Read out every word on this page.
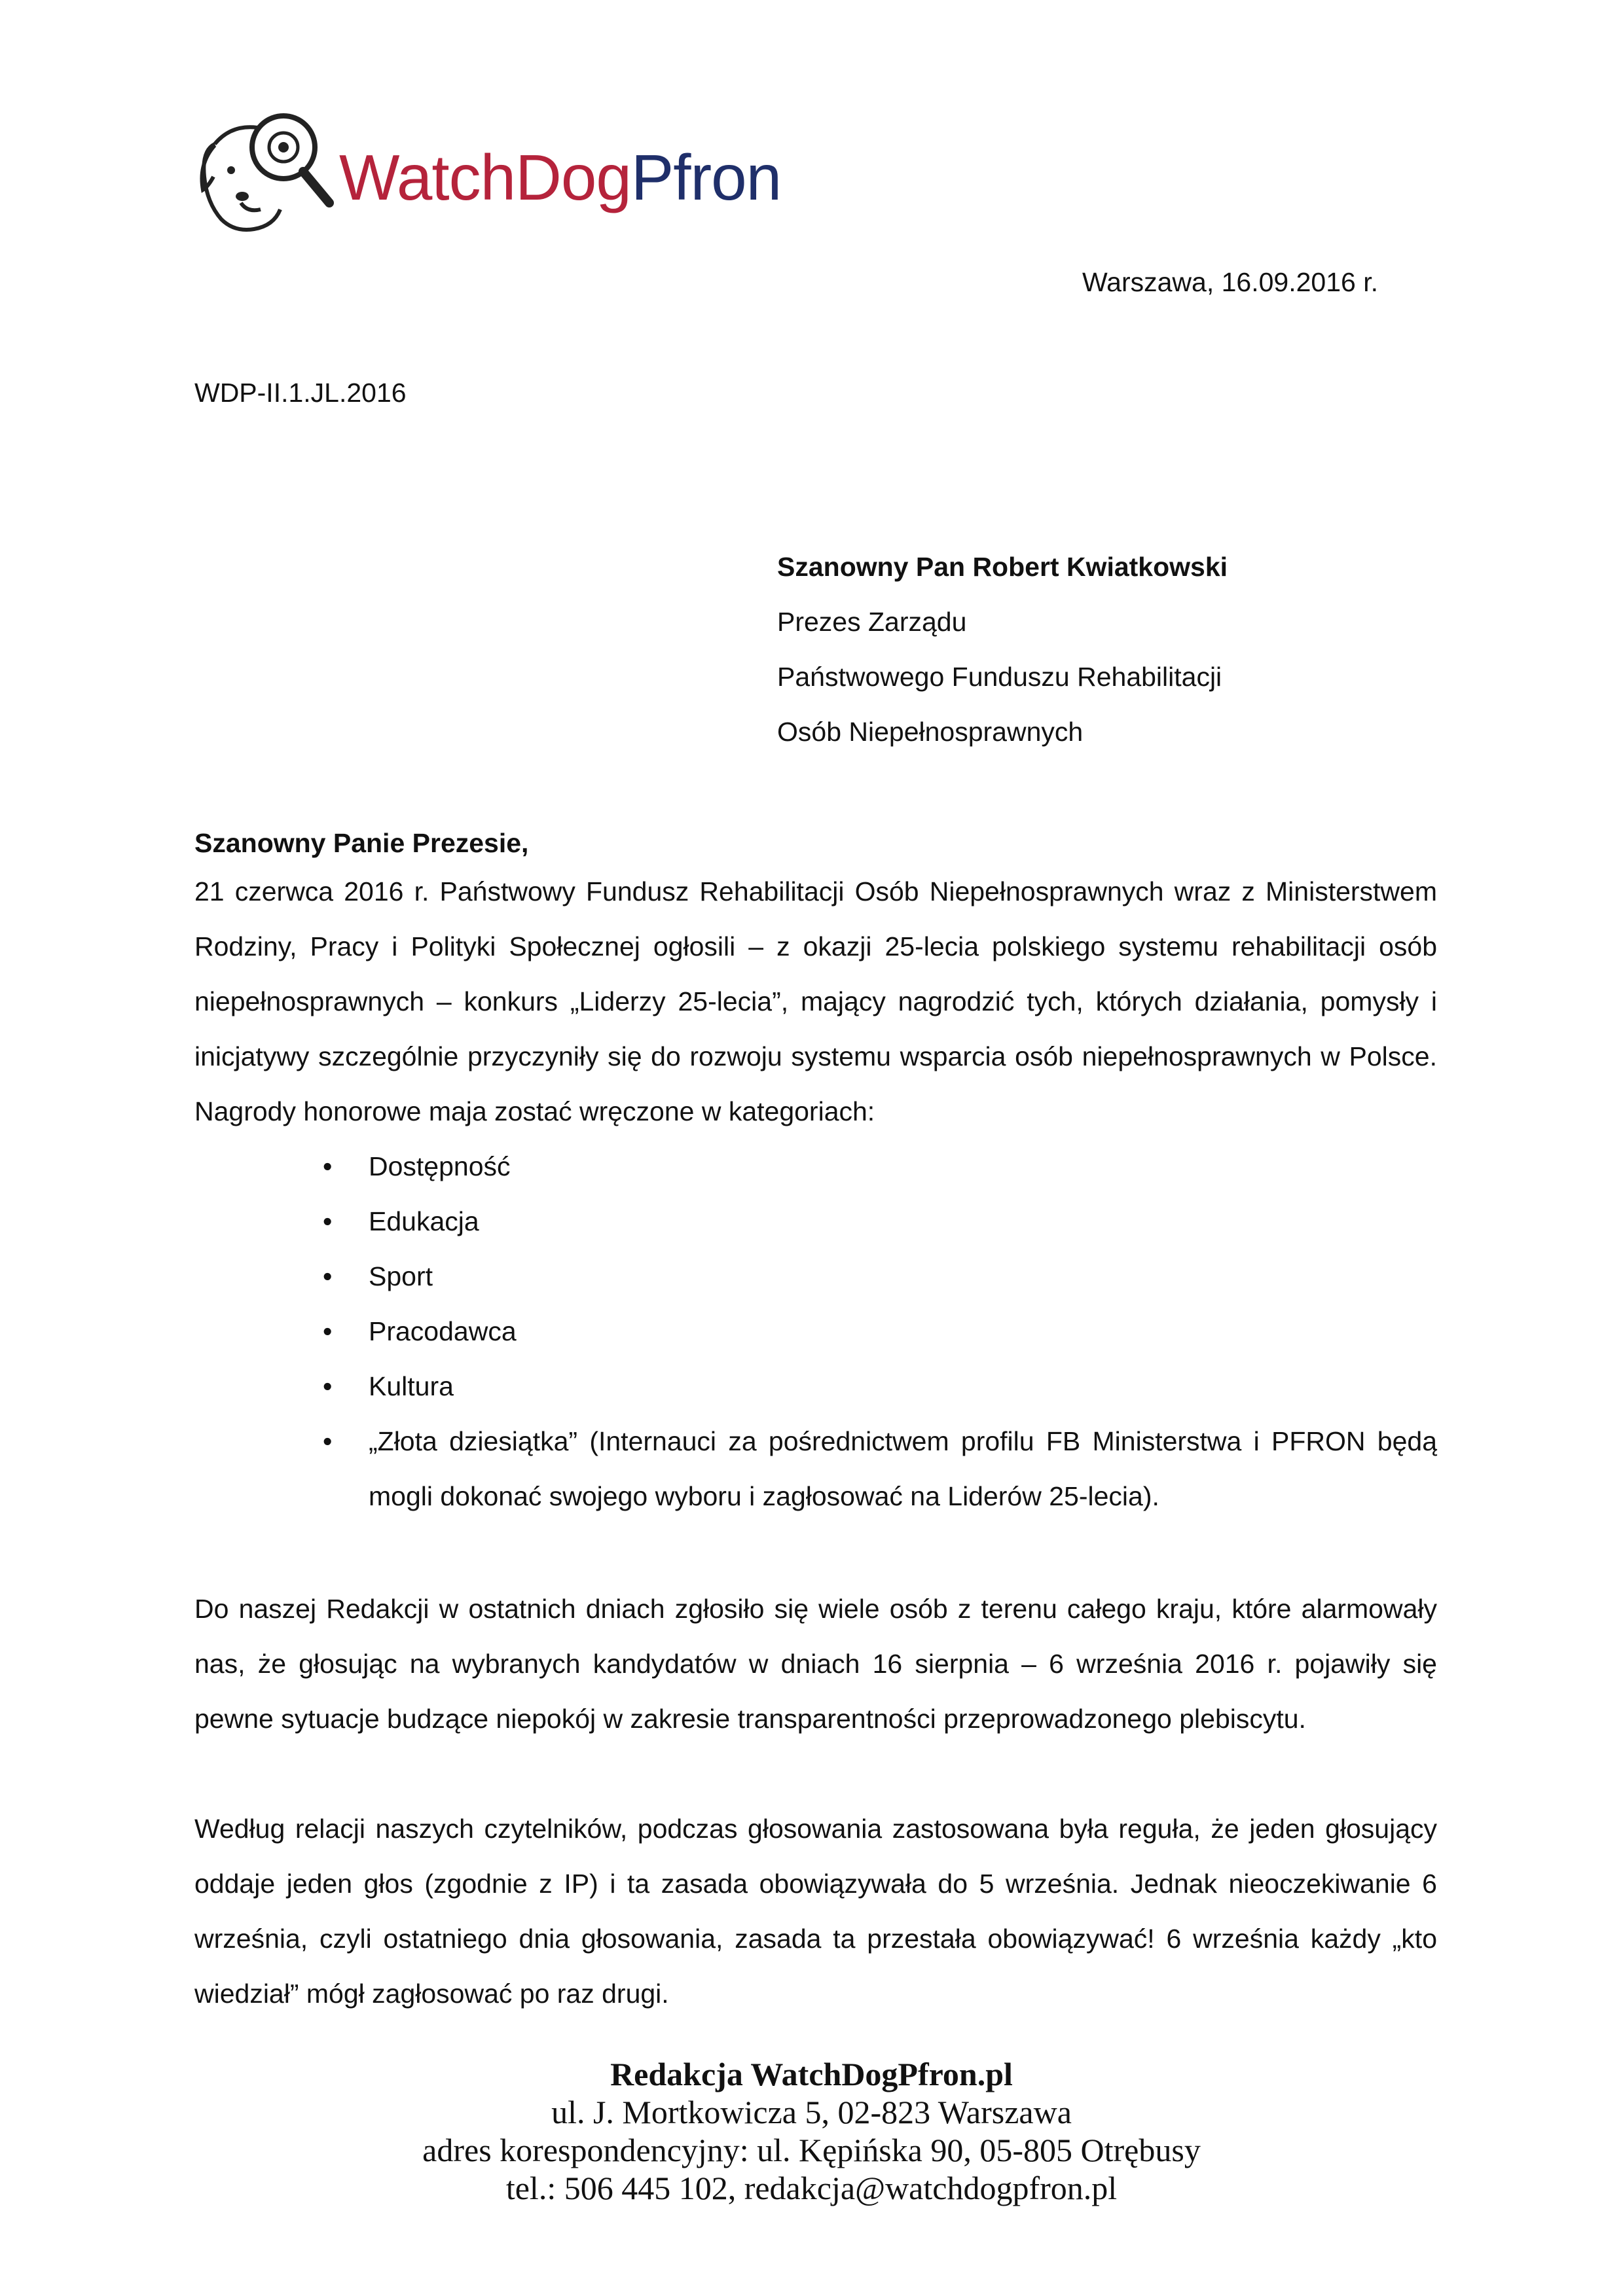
WatchDogPfron
Warszawa, 16.09.2016 r.
WDP-II.1.JL.2016
Szanowny Pan Robert Kwiatkowski
Prezes Zarządu
Państwowego Funduszu Rehabilitacji
Osób Niepełnosprawnych
Szanowny Panie Prezesie,
21 czerwca 2016 r. Państwowy Fundusz Rehabilitacji Osób Niepełnosprawnych wraz z Ministerstwem Rodziny, Pracy i Polityki Społecznej ogłosili – z okazji 25-lecia polskiego systemu rehabilitacji osób niepełnosprawnych – konkurs „Liderzy 25-lecia”, mający nagrodzić tych, których działania, pomysły i inicjatywy szczególnie przyczyniły się do rozwoju systemu wsparcia osób niepełnosprawnych w Polsce. Nagrody honorowe maja zostać wręczone w kategoriach:
• Dostępność
• Edukacja
• Sport
• Pracodawca
• Kultura
• „Złota dziesiątka” (Internauci za pośrednictwem profilu FB Ministerstwa i PFRON będą mogli dokonać swojego wyboru i zagłosować na Liderów 25-lecia).
Do naszej Redakcji w ostatnich dniach zgłosiło się wiele osób z terenu całego kraju, które alarmowały nas, że głosując na wybranych kandydatów w dniach 16 sierpnia – 6 września 2016 r. pojawiły się pewne sytuacje budzące niepokój w zakresie transparentności przeprowadzonego plebiscytu.
Według relacji naszych czytelników, podczas głosowania zastosowana była reguła, że jeden głosujący oddaje jeden głos (zgodnie z IP) i ta zasada obowiązywała do 5 września. Jednak nieoczekiwanie 6 września, czyli ostatniego dnia głosowania, zasada ta przestała obowiązywać! 6 września każdy „kto wiedział” mógł zagłosować po raz drugi.
Redakcja WatchDogPfron.pl
ul. J. Mortkowicza 5, 02-823 Warszawa
adres korespondencyjny: ul. Kępińska 90, 05-805 Otrębusy
tel.: 506 445 102, redakcja@watchdogpfron.pl
